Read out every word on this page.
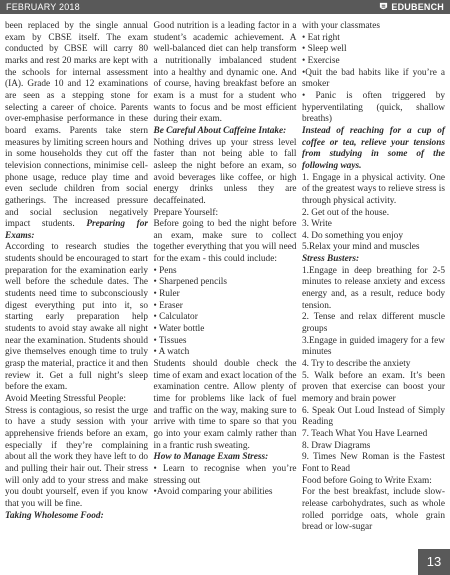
FEBRUARY 2018	EDUBENCH

been replaced by the single annual exam by CBSE itself. The exam conducted by CBSE will carry 80 marks and rest 20 marks are kept with the schools for internal assessment (IA). Grade 10 and 12 examinations are seen as a stepping stone for selecting a career of choice. Parents over-emphasise performance in these board exams. Parents take stern measures by limiting screen hours and in some households they cut off the television connections, minimise cell-phone usage, reduce play time and even seclude children from social gatherings. The increased pressure and social seclusion negatively impact students. Preparing for Exams:

According to research studies the students should be encouraged to start preparation for the examination early well before the schedule dates. The students need time to subconsciously digest everything put into it, so starting early preparation help students to avoid stay awake all night near the examination. Students should give themselves enough time to truly grasp the material, practice it and then review it. Get a full night’s sleep before the exam.

Avoid Meeting Stressful People:

Stress is contagious, so resist the urge to have a study session with your apprehensive friends before an exam, especially if they’re complaining about all the work they have left to do and pulling their hair out. Their stress will only add to your stress and make you doubt yourself, even if you know that you will be fine.

Taking Wholesome Food:

Good nutrition is a leading factor in a student’s academic achievement. A well-balanced diet can help transform a nutritionally imbalanced student into a healthy and dynamic one. And of course, having breakfast before an exam is a must for a student who wants to focus and be most efficient during their exam.

Be Careful About Caffeine Intake:

Nothing drives up your stress level faster than not being able to fall asleep the night before an exam, so avoid beverages like coffee, or high energy drinks unless they are decaffeinated.

Prepare Yourself:

Before going to bed the night before an exam, make sure to collect together everything that you will need for the exam - this could include:

• Pens

• Sharpened pencils

• Ruler

• Eraser

• Calculator

• Water bottle

• Tissues

• A watch

Students should double check the time of exam and exact location of the examination centre. Allow plenty of time for problems like lack of fuel and traffic on the way, making sure to arrive with time to spare so that you go into your exam calmly rather than in a frantic rush sweating.

How to Manage Exam Stress:

• Learn to recognise when you’re stressing out

•Avoid comparing your abilities

with your classmates

• Eat right

• Sleep well

• Exercise

•Quit the bad habits like if you’re a smoker

• Panic is often triggered by hyperventilating (quick, shallow breaths)

Instead of reaching for a cup of coffee or tea, relieve your tensions from studying in some of the following ways.

1. Engage in a physical activity. One of the greatest ways to relieve stress is through physical activity.

2. Get out of the house.

3. Write

4. Do something you enjoy

5.Relax your mind and muscles

Stress Busters:

1.Engage in deep breathing for 2-5 minutes to release anxiety and excess energy and, as a result, reduce body tension.

2. Tense and relax different muscle groups

3.Engage in guided imagery for a few minutes

4. Try to describe the anxiety

5. Walk before an exam. It’s been proven that exercise can boost your memory and brain power

6. Speak Out Loud Instead of Simply Reading

7. Teach What You Have Learned

8. Draw Diagrams

9. Times New Roman is the Fastest Font to Read

Food before Going to Write Exam:

For the best breakfast, include slow-release carbohydrates, such as whole rolled porridge oats, whole grain bread or low-sugar

13
